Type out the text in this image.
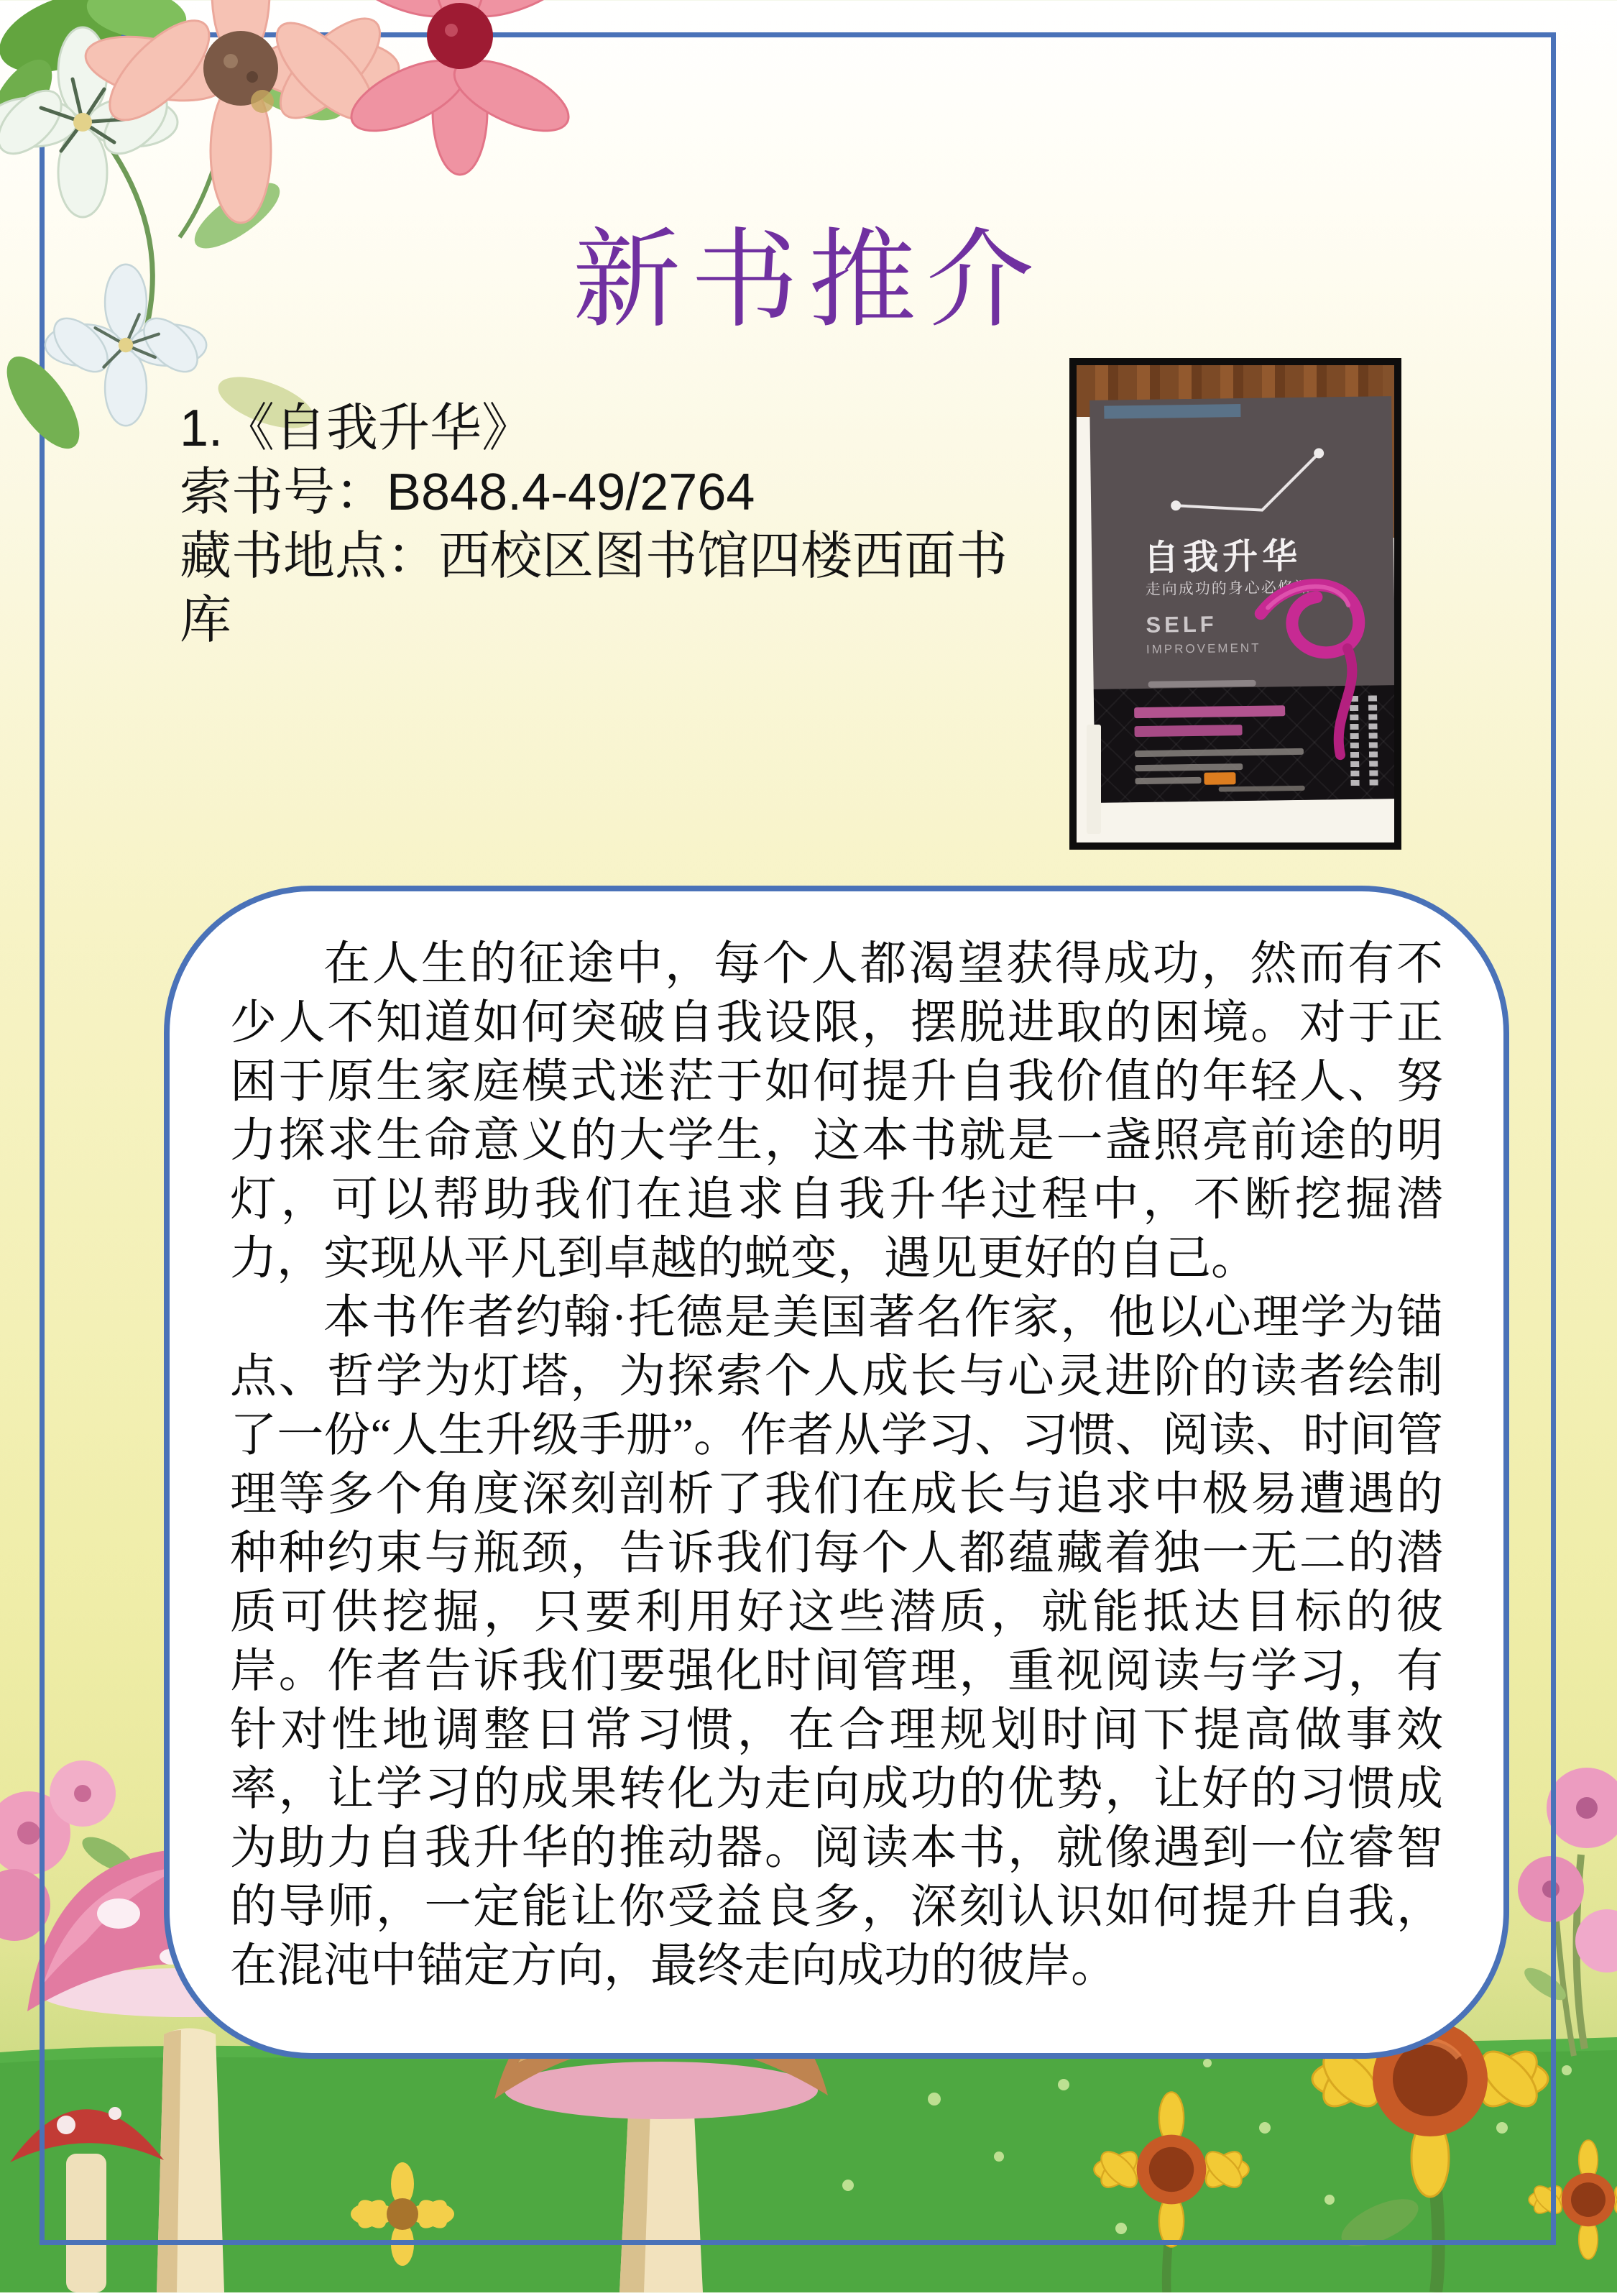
新书推介
1.《自我升华》
索书号：B848.4-49/2764
藏书地点：西校区图书馆四楼西面书库
自我升华
走向成功的身心必修课
SELF
IMPROVEMENT

在人生的征途中，每个人都渴望获得成功，然而有不少人不知道如何突破自我设限，摆脱进取的困境。对于正困于原生家庭模式迷茫于如何提升自我价值的年轻人、努力探求生命意义的大学生，这本书就是一盏照亮前途的明灯，可以帮助我们在追求自我升华过程中，不断挖掘潜力，实现从平凡到卓越的蜕变，遇见更好的自己。

本书作者约翰·托德是美国著名作家，他以心理学为锚点、哲学为灯塔，为探索个人成长与心灵进阶的读者绘制了一份“人生升级手册”。作者从学习、习惯、阅读、时间管理等多个角度深刻剖析了我们在成长与追求中极易遭遇的种种约束与瓶颈，告诉我们每个人都蕴藏着独一无二的潜质可供挖掘，只要利用好这些潜质，就能抵达目标的彼岸。作者告诉我们要强化时间管理，重视阅读与学习，有针对性地调整日常习惯，在合理规划时间下提高做事效率，让学习的成果转化为走向成功的优势，让好的习惯成为助力自我升华的推动器。阅读本书，就像遇到一位睿智的导师，一定能让你受益良多，深刻认识如何提升自我，在混沌中锚定方向，最终走向成功的彼岸。
